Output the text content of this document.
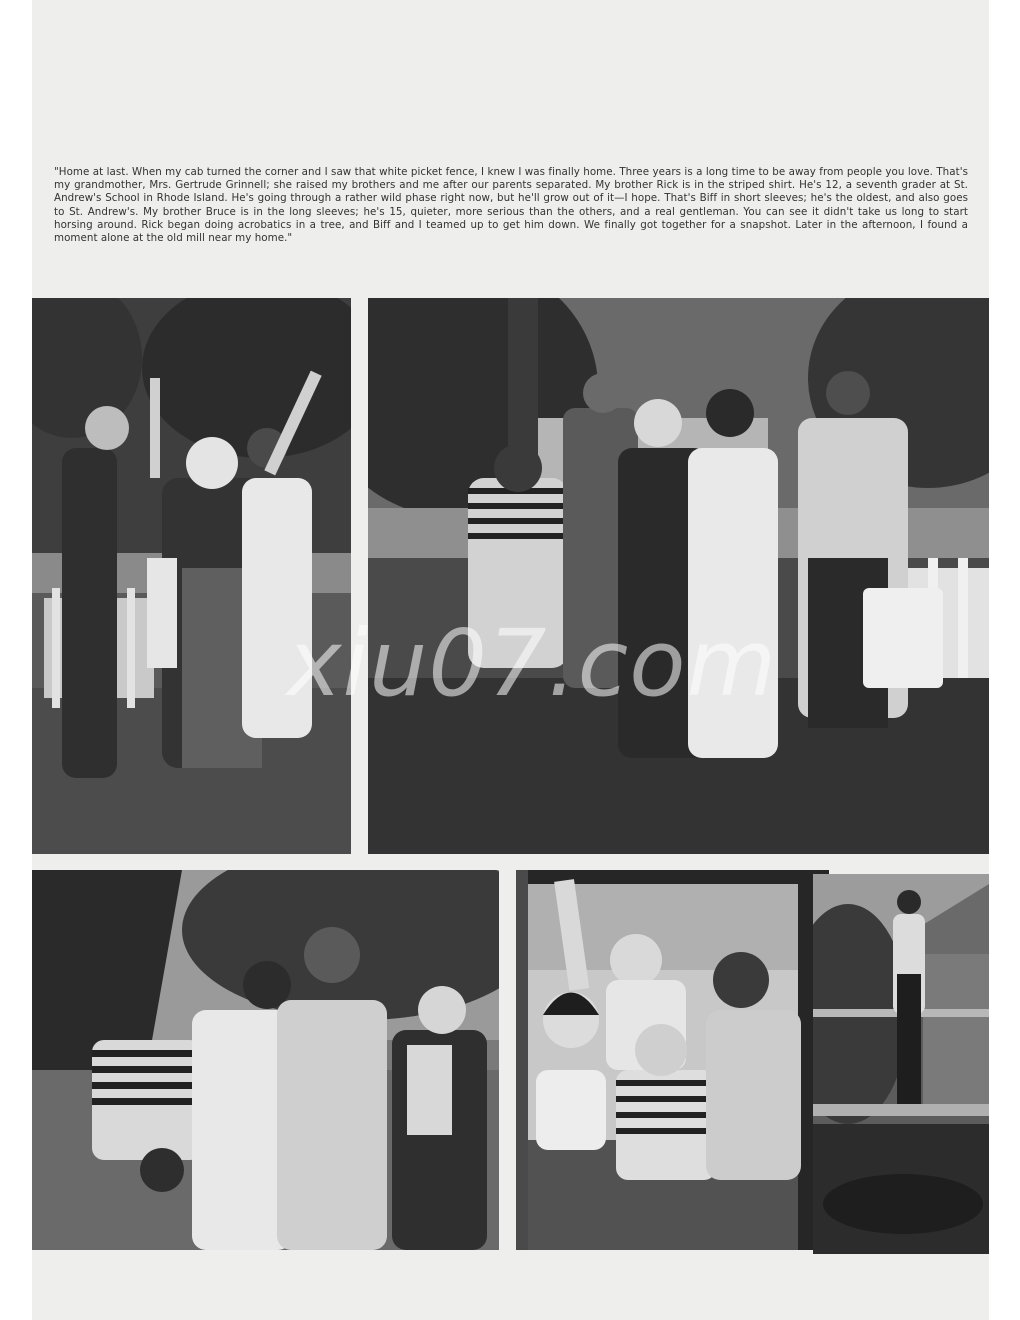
"Home at last. When my cab turned the corner and I saw that white picket fence, I knew I was finally home. Three years is a long time to be away from people you love. That's my grandmother, Mrs. Gertrude Grinnell; she raised my brothers and me after our parents separated. My brother Rick is in the striped shirt. He's 12, a seventh grader at St. Andrew's School in Rhode Island. He's going through a rather wild phase right now, but he'll grow out of it—I hope. That's Biff in short sleeves; he's the oldest, and also goes to St. Andrew's. My brother Bruce is in the long sleeves; he's 15, quieter, more serious than the others, and a real gentleman. You can see it didn't take us long to start horsing around. Rick began doing acrobatics in a tree, and Biff and I teamed up to get him down. We finally got together for a snapshot. Later in the afternoon, I found a moment alone at the old mill near my home."

xiu07.com
